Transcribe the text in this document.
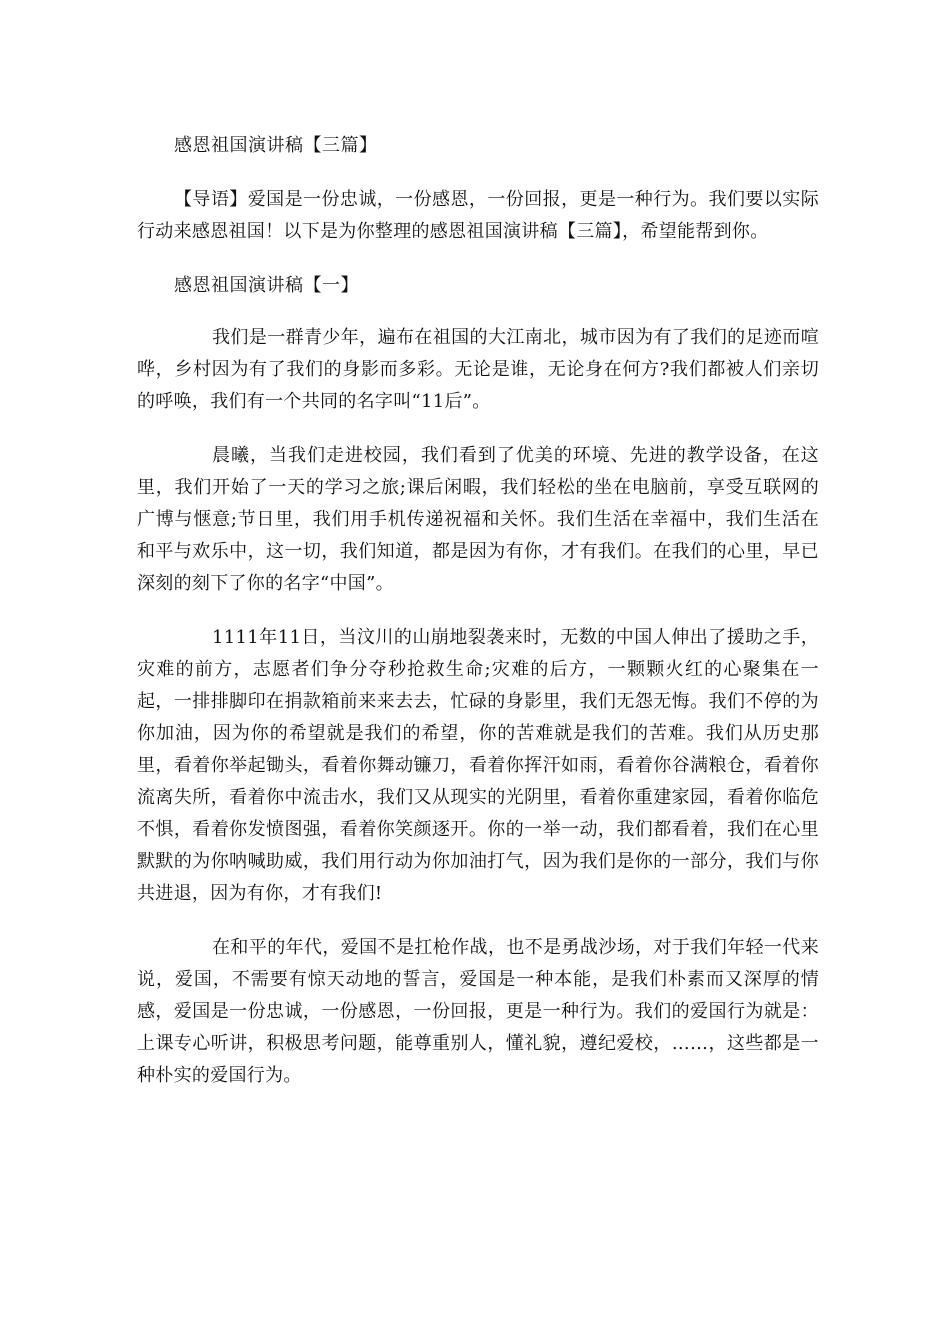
感恩祖国演讲稿【三篇】

【导语】爱国是一份忠诚，一份感恩，一份回报，更是一种行为。我们要以实际行动来感恩祖国！以下是为你整理的感恩祖国演讲稿【三篇】，希望能帮到你。

感恩祖国演讲稿【一】

我们是一群青少年，遍布在祖国的大江南北，城市因为有了我们的足迹而喧哗，乡村因为有了我们的身影而多彩。无论是谁，无论身在何方?我们都被人们亲切的呼唤，我们有一个共同的名字叫“11后”。

晨曦，当我们走进校园，我们看到了优美的环境、先进的教学设备，在这里，我们开始了一天的学习之旅;课后闲暇，我们轻松的坐在电脑前，享受互联网的广博与惬意;节日里，我们用手机传递祝福和关怀。我们生活在幸福中，我们生活在和平与欢乐中，这一切，我们知道，都是因为有你，才有我们。在我们的心里，早已深刻的刻下了你的名字“中国”。

1111年11日，当汶川的山崩地裂袭来时，无数的中国人伸出了援助之手，灾难的前方，志愿者们争分夺秒抢救生命;灾难的后方，一颗颗火红的心聚集在一起，一排排脚印在捐款箱前来来去去，忙碌的身影里，我们无怨无悔。我们不停的为你加油，因为你的希望就是我们的希望，你的苦难就是我们的苦难。我们从历史那里，看着你举起锄头，看着你舞动镰刀，看着你挥汗如雨，看着你谷满粮仓，看着你流离失所，看着你中流击水，我们又从现实的光阴里，看着你重建家园，看着你临危不惧，看着你发愤图强，看着你笑颜逐开。你的一举一动，我们都看着，我们在心里默默的为你呐喊助威，我们用行动为你加油打气，因为我们是你的一部分，我们与你共进退，因为有你，才有我们!

在和平的年代，爱国不是扛枪作战，也不是勇战沙场，对于我们年轻一代来说，爱国，不需要有惊天动地的誓言，爱国是一种本能，是我们朴素而又深厚的情感，爱国是一份忠诚，一份感恩，一份回报，更是一种行为。我们的爱国行为就是：上课专心听讲，积极思考问题，能尊重别人，懂礼貌，遵纪爱校，……，这些都是一种朴实的爱国行为。
